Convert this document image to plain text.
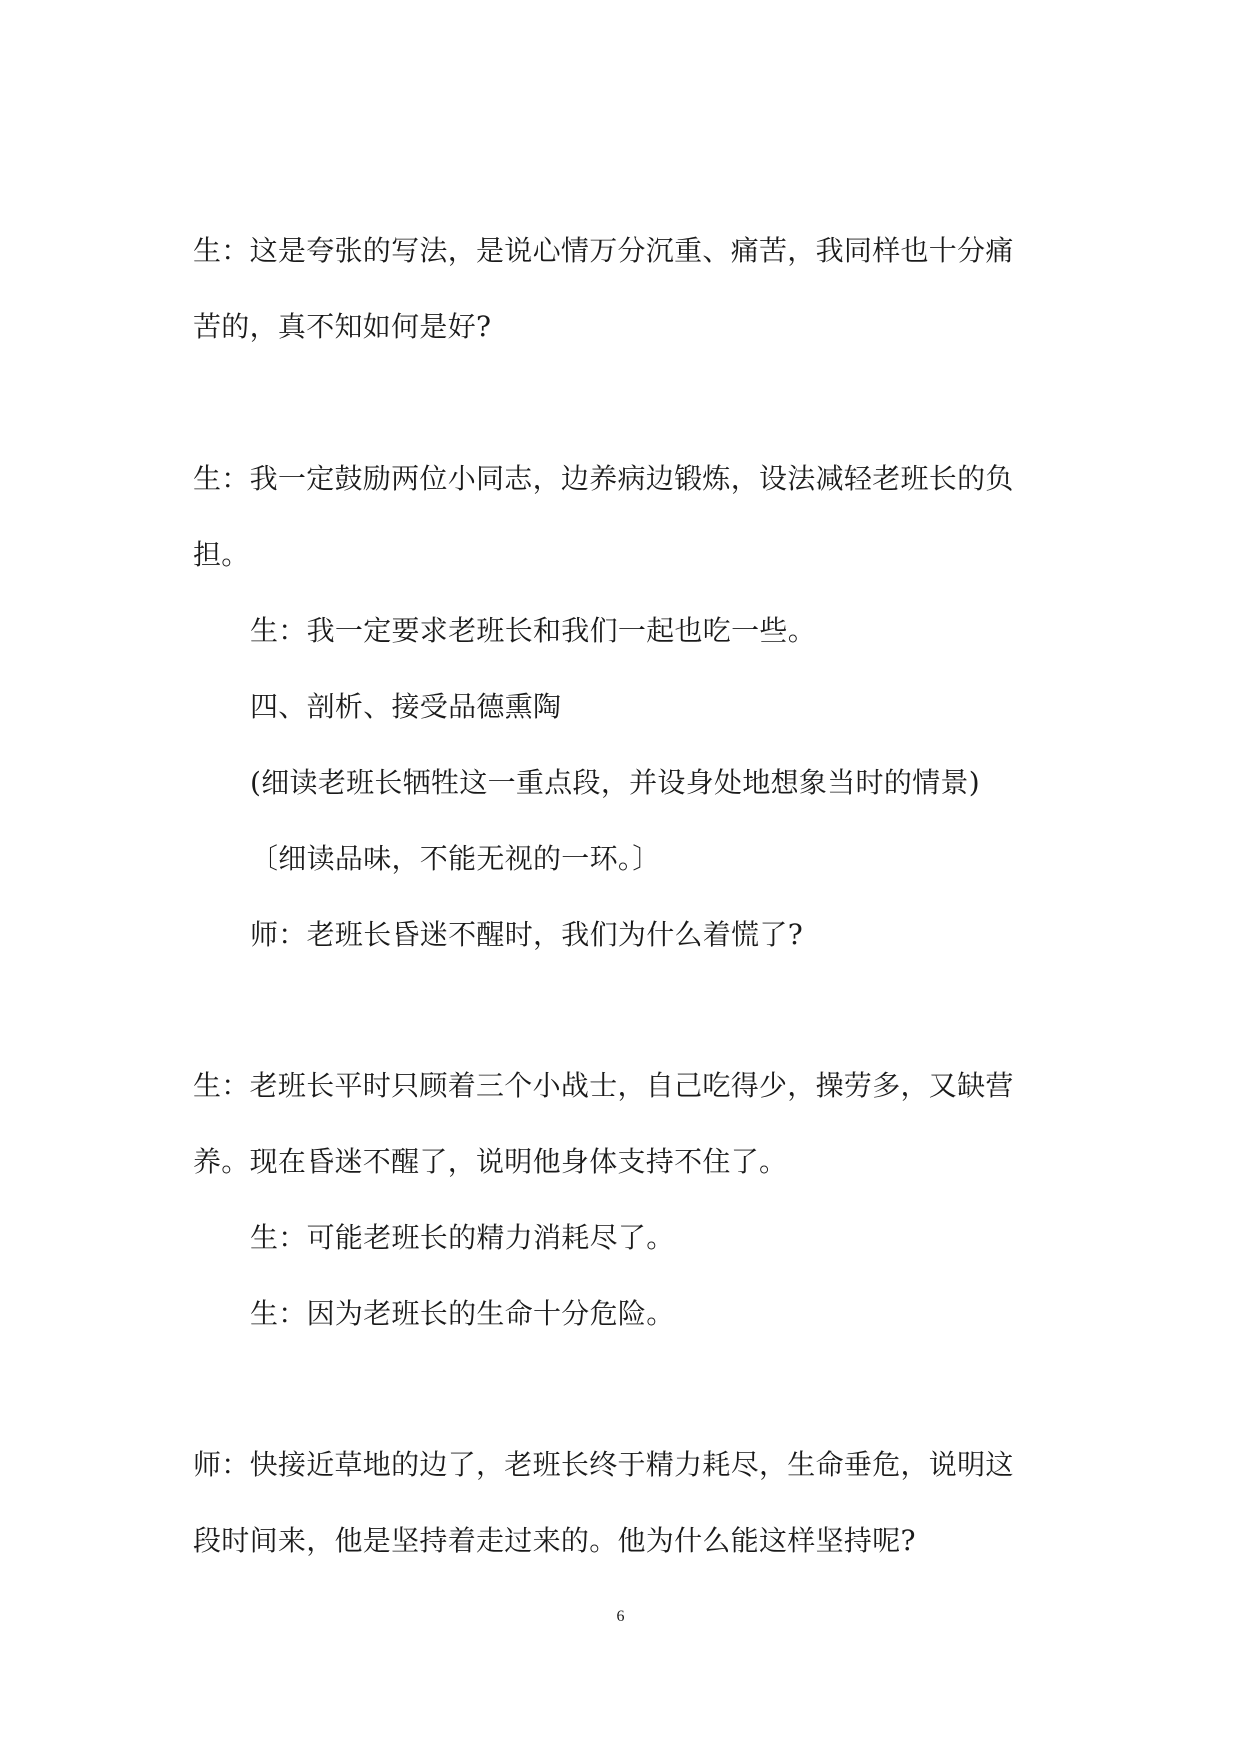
生：这是夸张的写法，是说心情万分沉重、痛苦，我同样也十分痛
苦的，真不知如何是好?
生：我一定鼓励两位小同志，边养病边锻炼，设法减轻老班长的负
担。
生：我一定要求老班长和我们一起也吃一些。
四、剖析、接受品德熏陶
(细读老班长牺牲这一重点段，并设身处地想象当时的情景)
〔细读品味，不能无视的一环。〕
师：老班长昏迷不醒时，我们为什么着慌了?
生：老班长平时只顾着三个小战士，自己吃得少，操劳多，又缺营
养。现在昏迷不醒了，说明他身体支持不住了。
生：可能老班长的精力消耗尽了。
生：因为老班长的生命十分危险。
师：快接近草地的边了，老班长终于精力耗尽，生命垂危，说明这
段时间来，他是坚持着走过来的。他为什么能这样坚持呢?
6
